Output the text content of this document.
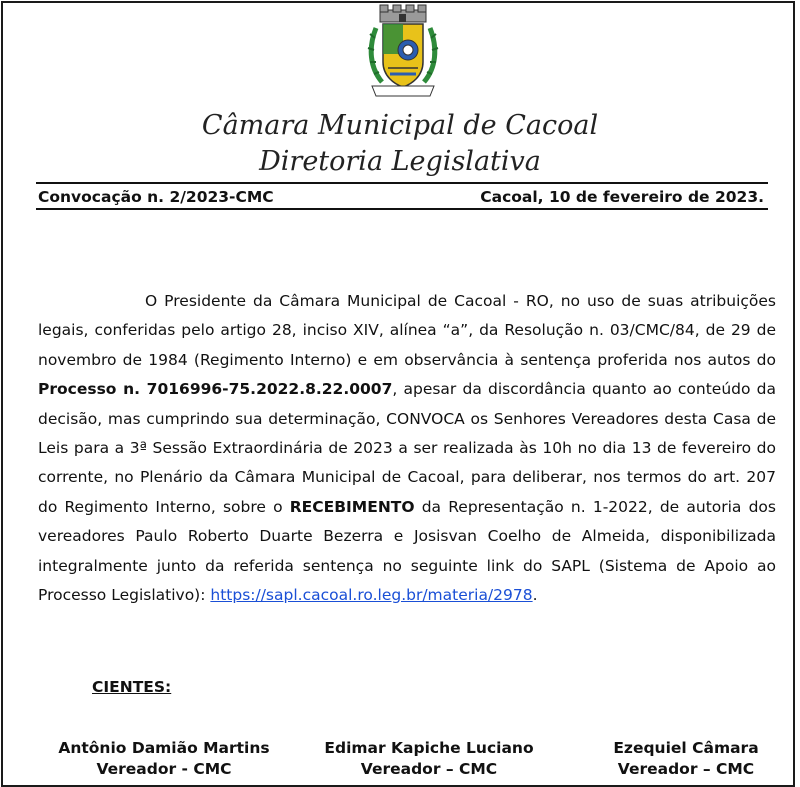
Câmara Municipal de Cacoal
Diretoria Legislativa
Convocação n. 2/2023-CMC	Cacoal, 10 de fevereiro de 2023.

O Presidente da Câmara Municipal de Cacoal - RO, no uso de suas atribuições legais, conferidas pelo artigo 28, inciso XIV, alínea “a”, da Resolução n. 03/CMC/84, de 29 de novembro de 1984 (Regimento Interno) e em observância à sentença proferida nos autos do Processo n. 7016996-75.2022.8.22.0007, apesar da discordância quanto ao conteúdo da decisão, mas cumprindo sua determinação, CONVOCA os Senhores Vereadores desta Casa de Leis para a 3ª Sessão Extraordinária de 2023 a ser realizada às 10h no dia 13 de fevereiro do corrente, no Plenário da Câmara Municipal de Cacoal, para deliberar, nos termos do art. 207 do Regimento Interno, sobre o RECEBIMENTO da Representação n. 1-2022, de autoria dos vereadores Paulo Roberto Duarte Bezerra e Josisvan Coelho de Almeida, disponibilizada integralmente junto da referida sentença no seguinte link do SAPL (Sistema de Apoio ao Processo Legislativo): https://sapl.cacoal.ro.leg.br/materia/2978.

CIENTES:
Antônio Damião Martins
Vereador - CMC
Edimar Kapiche Luciano
Vereador – CMC
Ezequiel Câmara
Vereador – CMC
